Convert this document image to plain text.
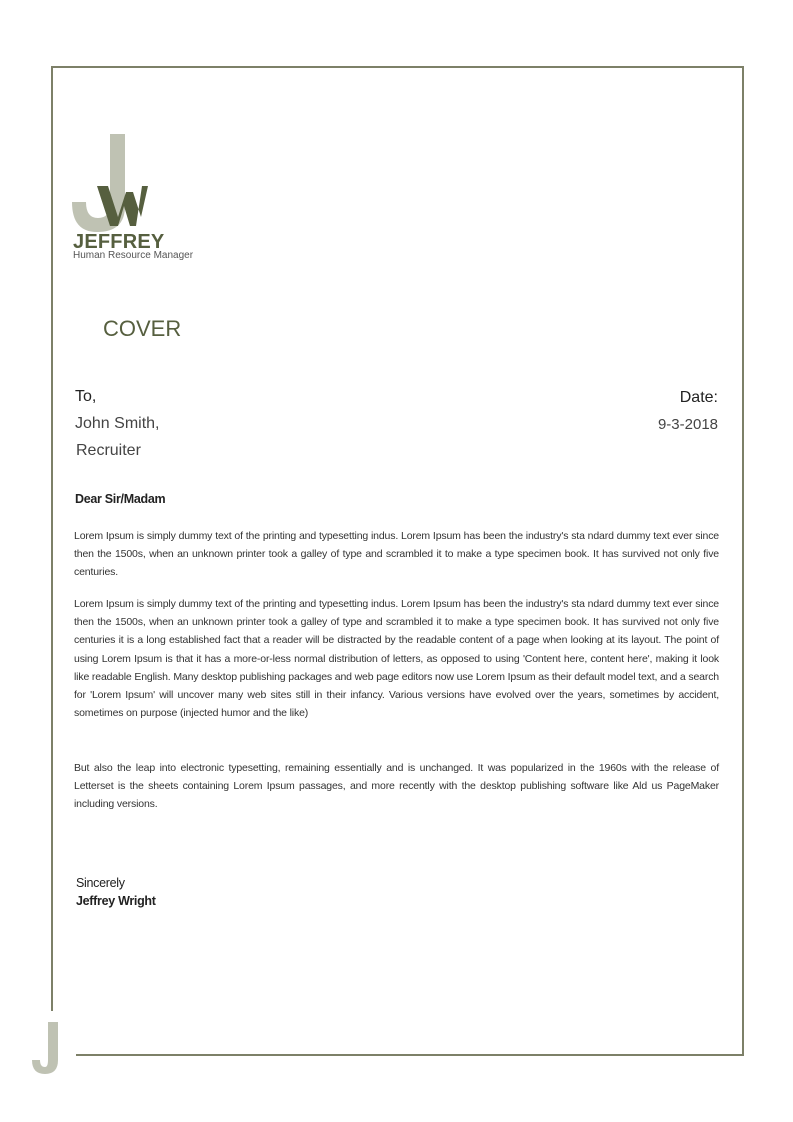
JEFFREY
Human Resource Manager
COVER
To,
John Smith,
Recruiter
Date:
9-3-2018
Dear Sir/Madam
Lorem Ipsum is simply dummy text of the printing and typesetting indus. Lorem Ipsum has been the industry's sta ndard dummy text ever since then the 1500s, when an unknown printer took a galley of type and scrambled it to make a type specimen book. It has survived not only five centuries.
Lorem Ipsum is simply dummy text of the printing and typesetting indus. Lorem Ipsum has been the industry's sta ndard dummy text ever since then the 1500s, when an unknown printer took a galley of type and scrambled it to make a type specimen book. It has survived not only five centuries it is a long established fact that a reader will be distracted by the readable content of a page when looking at its layout. The point of using Lorem Ipsum is that it has a more-or-less normal distribution of letters, as opposed to using 'Content here, content here', making it look like readable English. Many desktop publishing packages and web page editors now use Lorem Ipsum as their default model text, and a search for 'Lorem Ipsum' will uncover many web sites still in their infancy. Various versions have evolved over the years, sometimes by accident, sometimes on purpose (injected humor and the like)
But also the leap into electronic typesetting, remaining essentially and is unchanged. It was popularized in the 1960s with the release of Letterset is the sheets containing Lorem Ipsum passages, and more recently with the desktop publishing software like Ald us PageMaker including versions.
Sincerely
Jeffrey Wright
